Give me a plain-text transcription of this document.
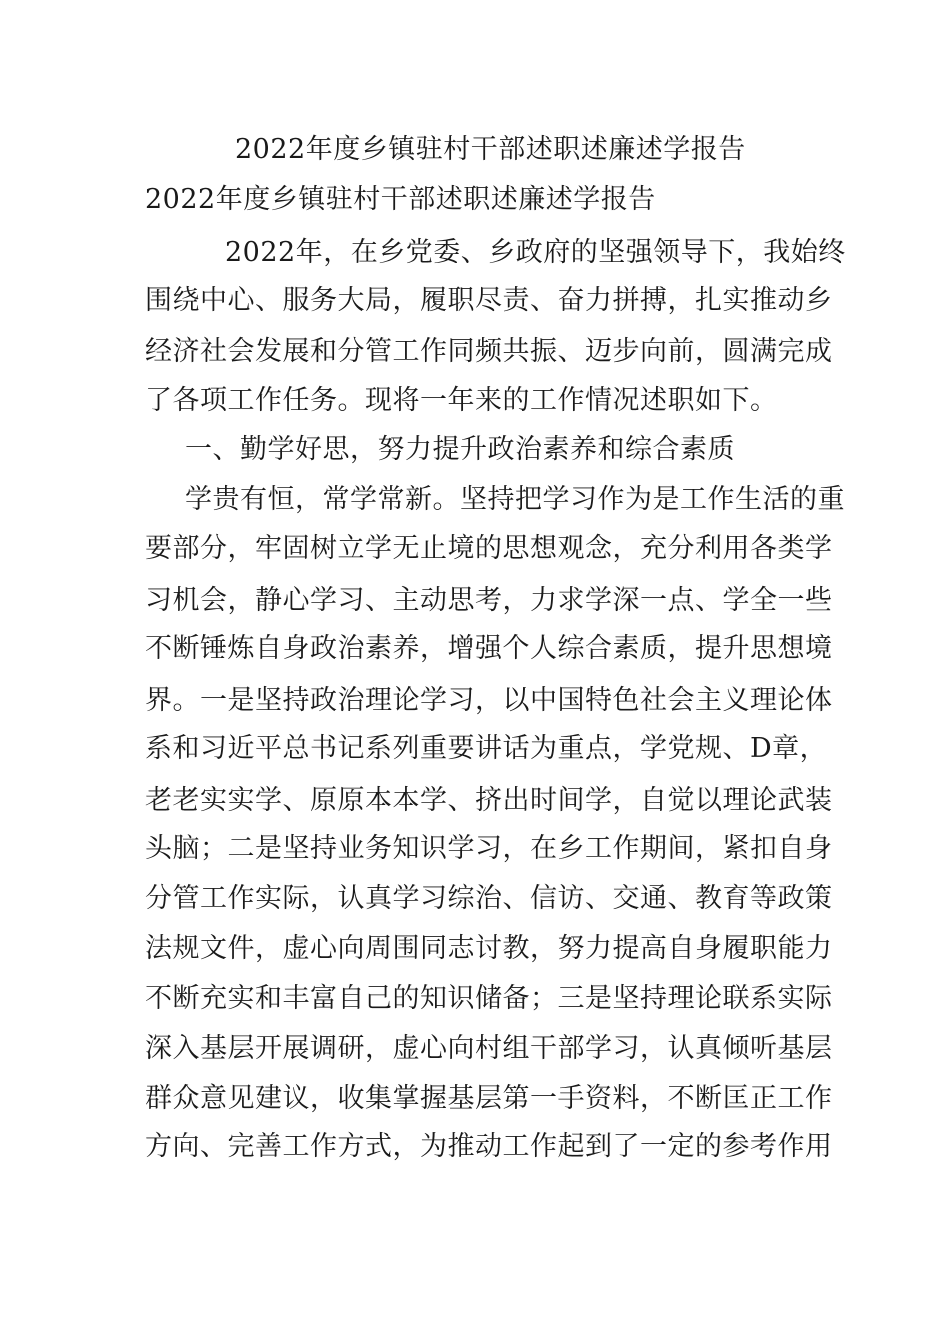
2022年度乡镇驻村干部述职述廉述学报告
2022年度乡镇驻村干部述职述廉述学报告
2022年，在乡党委、乡政府的坚强领导下，我始终
围绕中心、服务大局，履职尽责、奋力拼搏，扎实推动乡
经济社会发展和分管工作同频共振、迈步向前，圆满完成
了各项工作任务。现将一年来的工作情况述职如下。
一、勤学好思，努力提升政治素养和综合素质
学贵有恒，常学常新。坚持把学习作为是工作生活的重
要部分，牢固树立学无止境的思想观念，充分利用各类学
习机会，静心学习、主动思考，力求学深一点、学全一些
不断锤炼自身政治素养，增强个人综合素质，提升思想境
界。一是坚持政治理论学习，以中国特色社会主义理论体
系和习近平总书记系列重要讲话为重点，学党规、D章，
老老实实学、原原本本学、挤出时间学，自觉以理论武装
头脑；二是坚持业务知识学习，在乡工作期间，紧扣自身
分管工作实际，认真学习综治、信访、交通、教育等政策
法规文件，虚心向周围同志讨教，努力提高自身履职能力
不断充实和丰富自己的知识储备；三是坚持理论联系实际
深入基层开展调研，虚心向村组干部学习，认真倾听基层
群众意见建议，收集掌握基层第一手资料，不断匡正工作
方向、完善工作方式，为推动工作起到了一定的参考作用
